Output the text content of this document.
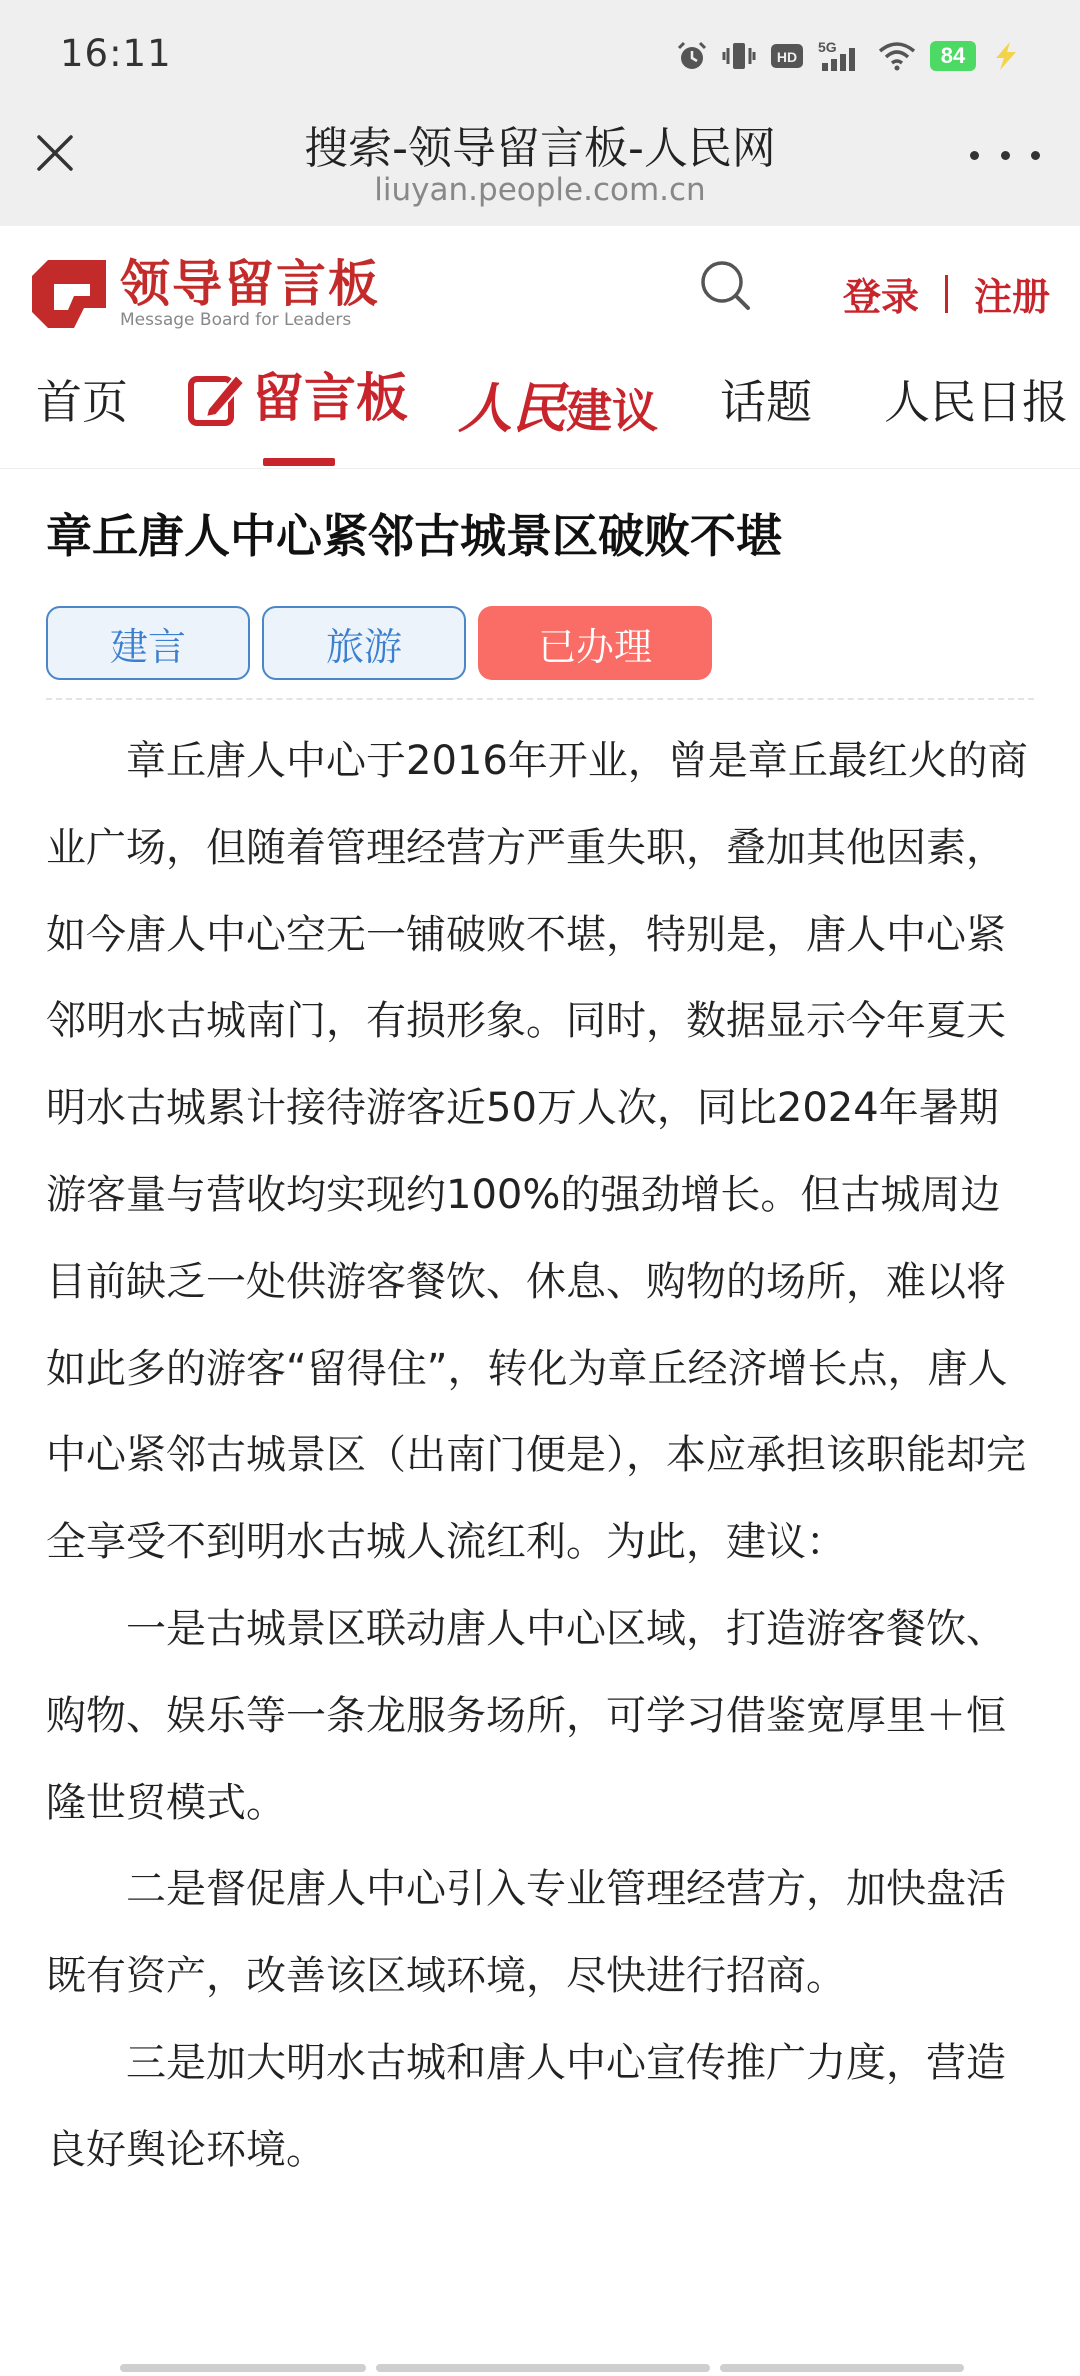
16:11	HD
5G	84
搜索-领导留言板-人民网
liuyan.people.com.cn
领导留言板
Message Board for Leaders
登录 注册
首页 留言板 人民 建议 话题 人民日报
章丘唐人中心紧邻古城景区破败不堪
建言	旅游	已办理

章丘唐人中心于2016年开业，曾是章丘最红火的商业广场，但随着管理经营方严重失职，叠加其他因素，如今唐人中心空无一铺破败不堪，特别是，唐人中心紧邻明水古城南门，有损形象。同时，数据显示今年夏天明水古城累计接待游客近50万人次，同比2024年暑期游客量与营收均实现约100%的强劲增长。但古城周边目前缺乏一处供游客餐饮、休息、购物的场所，难以将如此多的游客“留得住”，转化为章丘经济增长点，唐人中心紧邻古城景区（出南门便是），本应承担该职能却完全享受不到明水古城人流红利。为此，建议：

一是古城景区联动唐人中心区域，打造游客餐饮、购物、娱乐等一条龙服务场所，可学习借鉴宽厚里＋恒隆世贸模式。

二是督促唐人中心引入专业管理经营方，加快盘活既有资产，改善该区域环境，尽快进行招商。

三是加大明水古城和唐人中心宣传推广力度，营造良好舆论环境。
